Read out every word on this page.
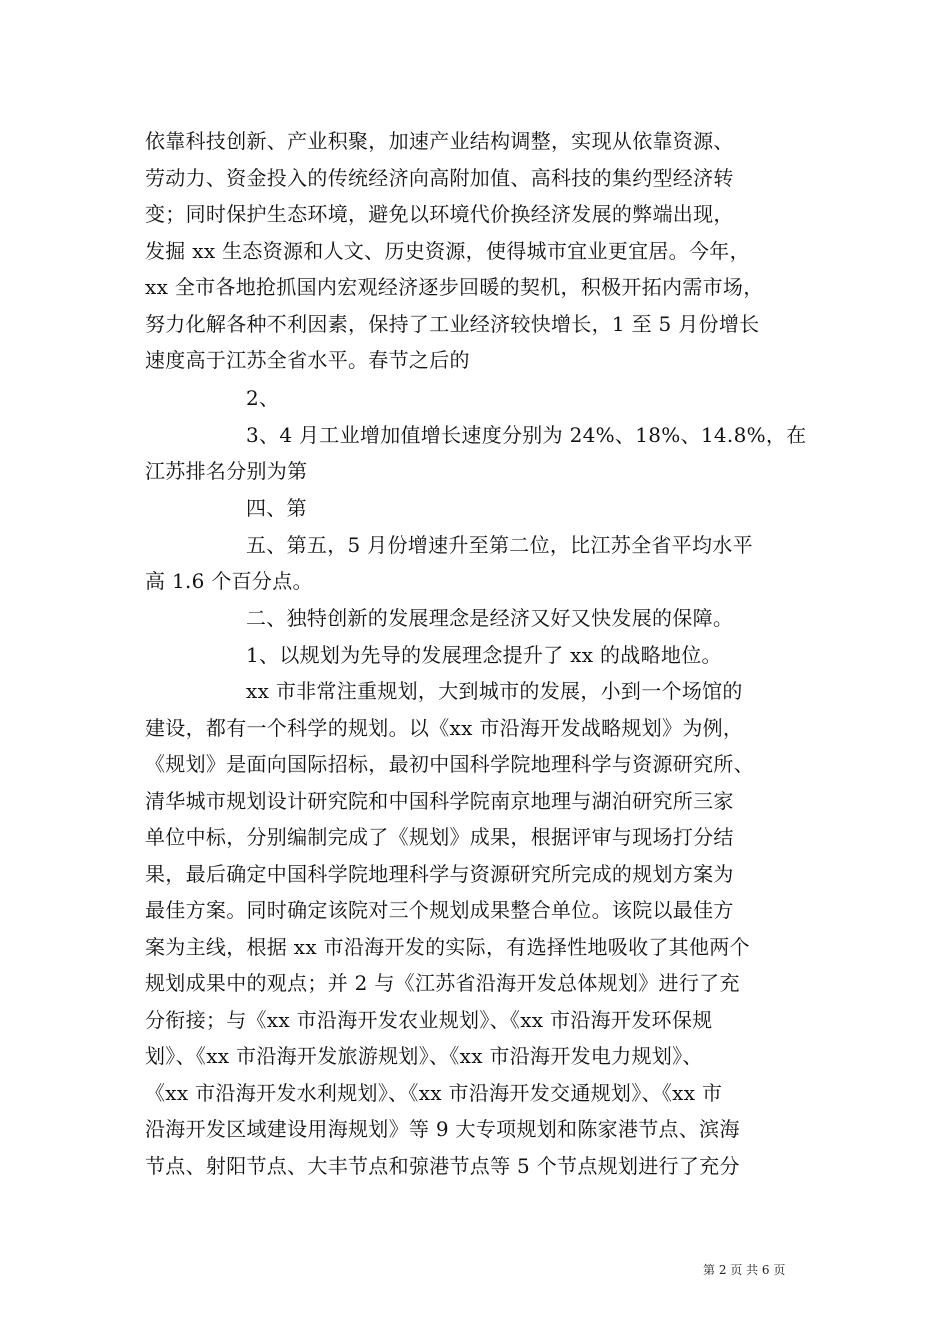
依靠科技创新、产业积聚，加速产业结构调整，实现从依靠资源、
劳动力、资金投入的传统经济向高附加值、高科技的集约型经济转
变；同时保护生态环境，避免以环境代价换经济发展的弊端出现，
发掘 xx 生态资源和人文、历史资源，使得城市宜业更宜居。今年，
xx 全市各地抢抓国内宏观经济逐步回暖的契机，积极开拓内需市场，
努力化解各种不利因素，保持了工业经济较快增长，1 至 5 月份增长
速度高于江苏全省水平。春节之后的
2、
3、4 月工业增加值增长速度分别为 24%、18%、14.8%，在
江苏排名分别为第
四、第
五、第五，5 月份增速升至第二位，比江苏全省平均水平
高 1.6 个百分点。
二、独特创新的发展理念是经济又好又快发展的保障。
1、以规划为先导的发展理念提升了 xx 的战略地位。
xx 市非常注重规划，大到城市的发展，小到一个场馆的
建设，都有一个科学的规划。以《xx 市沿海开发战略规划》为例，
《规划》是面向国际招标，最初中国科学院地理科学与资源研究所、
清华城市规划设计研究院和中国科学院南京地理与湖泊研究所三家
单位中标，分别编制完成了《规划》成果，根据评审与现场打分结
果，最后确定中国科学院地理科学与资源研究所完成的规划方案为
最佳方案。同时确定该院对三个规划成果整合单位。该院以最佳方
案为主线，根据 xx 市沿海开发的实际，有选择性地吸收了其他两个
规划成果中的观点；并 2 与《江苏省沿海开发总体规划》进行了充
分衔接；与《xx 市沿海开发农业规划》、《xx 市沿海开发环保规
划》、《xx 市沿海开发旅游规划》、《xx 市沿海开发电力规划》、
《xx 市沿海开发水利规划》、《xx 市沿海开发交通规划》、《xx 市
沿海开发区域建设用海规划》等 9 大专项规划和陈家港节点、滨海
节点、射阳节点、大丰节点和弶港节点等 5 个节点规划进行了充分
第 2 页 共 6 页
